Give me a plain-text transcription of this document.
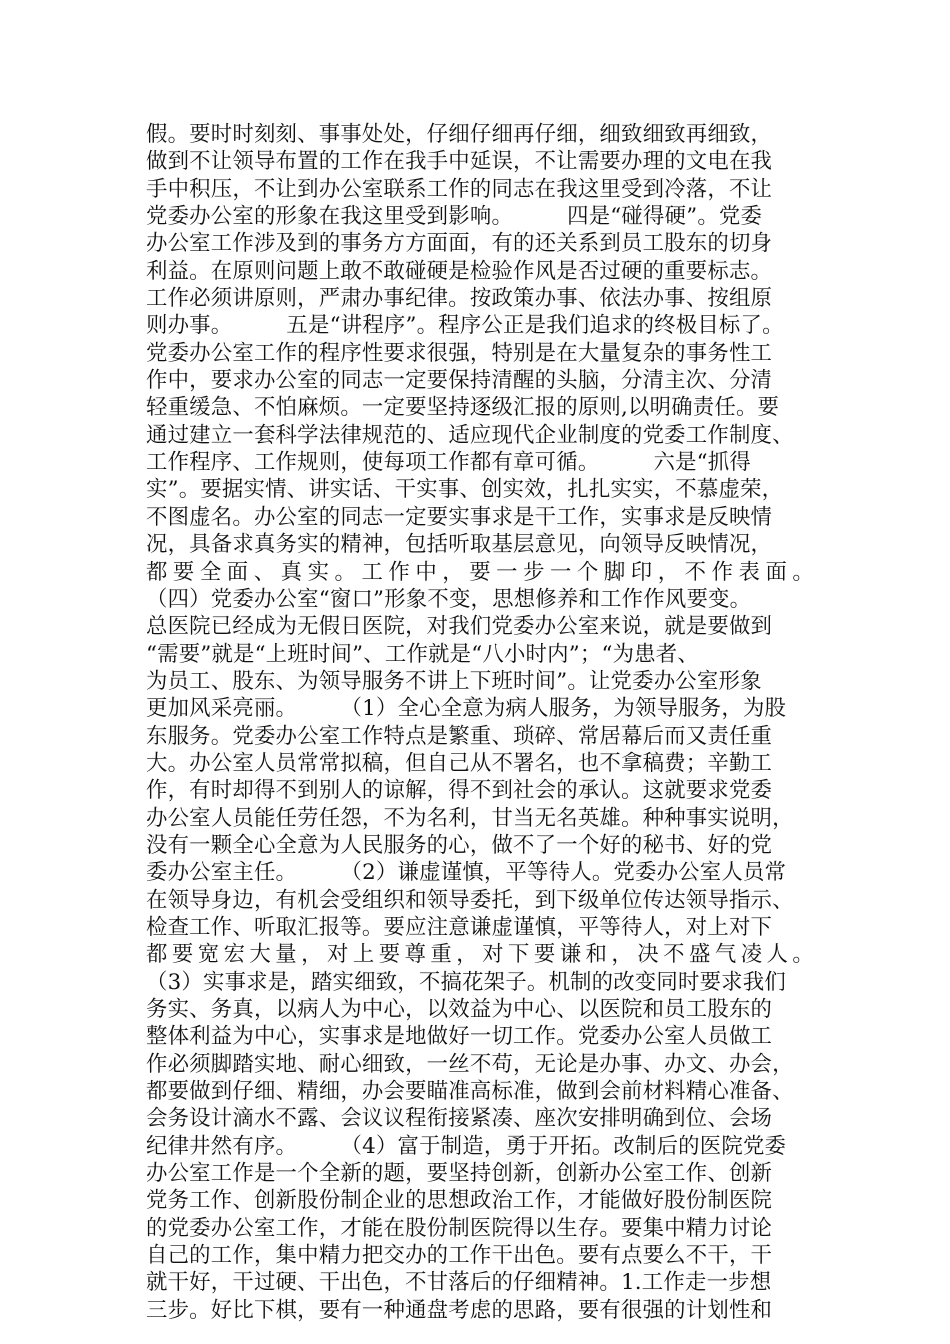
假。要时时刻刻、事事处处，仔细仔细再仔细，细致细致再细致，
做到不让领导布置的工作在我手中延误，不让需要办理的文电在我
手中积压，不让到办公室联系工作的同志在我这里受到冷落，不让
党委办公室的形象在我这里受到影响。　　　四是“碰得硬”。党委
办公室工作涉及到的事务方方面面，有的还关系到员工股东的切身
利益。在原则问题上敢不敢碰硬是检验作风是否过硬的重要标志。
工作必须讲原则，严肃办事纪律。按政策办事、依法办事、按组原
则办事。　　　五是“讲程序”。程序公正是我们追求的终极目标了。
党委办公室工作的程序性要求很强，特别是在大量复杂的事务性工
作中，要求办公室的同志一定要保持清醒的头脑，分清主次、分清
轻重缓急、不怕麻烦。一定要坚持逐级汇报的原则,以明确责任。要
通过建立一套科学法律规范的、适应现代企业制度的党委工作制度、
工作程序、工作规则，使每项工作都有章可循。　　　六是“抓得
实”。要据实情、讲实话、干实事、创实效，扎扎实实，不慕虚荣，
不图虚名。办公室的同志一定要实事求是干工作，实事求是反映情
况，具备求真务实的精神，包括听取基层意见，向领导反映情况，
都要全面、真实。工作中，要一步一个脚印，不作表面。
（四）党委办公室“窗口”形象不变，思想修养和工作作风要变。
总医院已经成为无假日医院，对我们党委办公室来说，就是要做到
“需要”就是“上班时间”、工作就是“八小时内”；“为患者、
为员工、股东、为领导服务不讲上下班时间”。让党委办公室形象
更加风采亮丽。　　　（1）全心全意为病人服务，为领导服务，为股
东服务。党委办公室工作特点是繁重、琐碎、常居幕后而又责任重
大。办公室人员常常拟稿，但自己从不署名，也不拿稿费；辛勤工
作，有时却得不到别人的谅解，得不到社会的承认。这就要求党委
办公室人员能任劳任怨，不为名利，甘当无名英雄。种种事实说明，
没有一颗全心全意为人民服务的心，做不了一个好的秘书、好的党
委办公室主任。　　　（2）谦虚谨慎，平等待人。党委办公室人员常
在领导身边，有机会受组织和领导委托，到下级单位传达领导指示、
检查工作、听取汇报等。要应注意谦虚谨慎，平等待人，对上对下
都要宽宏大量，对上要尊重，对下要谦和，决不盛气凌人。
（3）实事求是，踏实细致，不搞花架子。机制的改变同时要求我们
务实、务真，以病人为中心，以效益为中心、以医院和员工股东的
整体利益为中心，实事求是地做好一切工作。党委办公室人员做工
作必须脚踏实地、耐心细致，一丝不苟，无论是办事、办文、办会，
都要做到仔细、精细，办会要瞄准高标准，做到会前材料精心准备、
会务设计滴水不露、会议议程衔接紧凑、座次安排明确到位、会场
纪律井然有序。　　　（4）富于制造，勇于开拓。改制后的医院党委
办公室工作是一个全新的题，要坚持创新，创新办公室工作、创新
党务工作、创新股份制企业的思想政治工作，才能做好股份制医院
的党委办公室工作，才能在股份制医院得以生存。要集中精力讨论
自己的工作，集中精力把交办的工作干出色。要有点要么不干，干
就干好，干过硬、干出色，不甘落后的仔细精神。1.工作走一步想
三步。好比下棋，要有一种通盘考虑的思路，要有很强的计划性和
